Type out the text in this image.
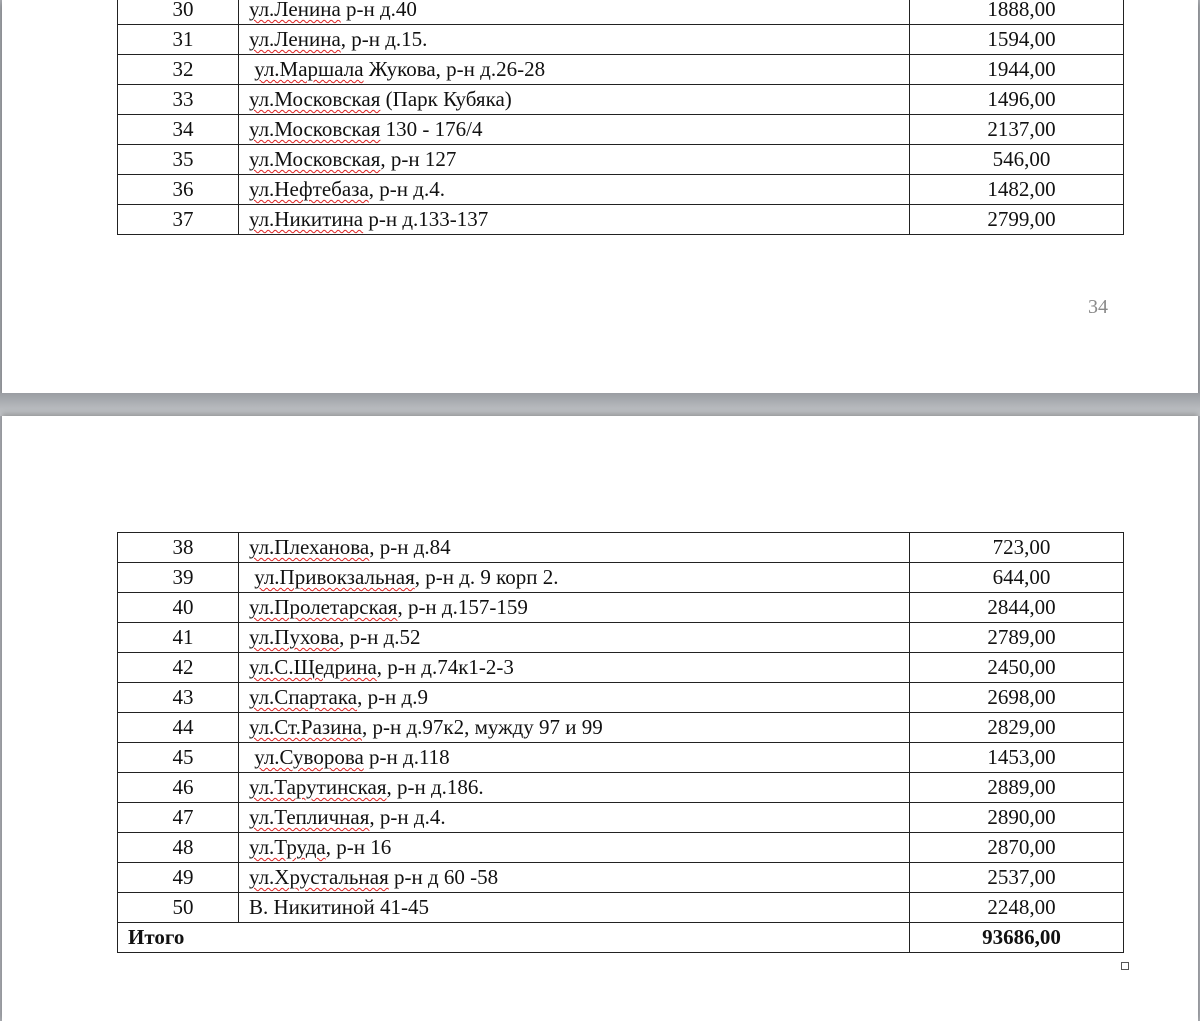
30	ул.Ленина р-н д.40	1888,00
31	ул.Ленина, р-н д.15.	1594,00
32	ул.Маршала Жукова, р-н д.26-28	1944,00
33	ул.Московская (Парк Кубяка)	1496,00
34	ул.Московская 130 - 176/4	2137,00
35	ул.Московская, р-н 127	546,00
36	ул.Нефтебаза, р-н д.4.	1482,00
37	ул.Никитина р-н д.133-137	2799,00
34
38	ул.Плеханова, р-н д.84	723,00
39	ул.Привокзальная, р-н д. 9 корп 2.	644,00
40	ул.Пролетарская, р-н д.157-159	2844,00
41	ул.Пухова, р-н д.52	2789,00
42	ул.С.Щедрина, р-н д.74к1-2-3	2450,00
43	ул.Спартака, р-н д.9	2698,00
44	ул.Ст.Разина, р-н д.97к2, мужду 97 и 99	2829,00
45	ул.Суворова р-н д.118	1453,00
46	ул.Тарутинская, р-н д.186.	2889,00
47	ул.Тепличная, р-н д.4.	2890,00
48	ул.Труда, р-н 16	2870,00
49	ул.Хрустальная р-н д 60 -58	2537,00
50	В. Никитиной 41-45	2248,00
Итого		93686,00
